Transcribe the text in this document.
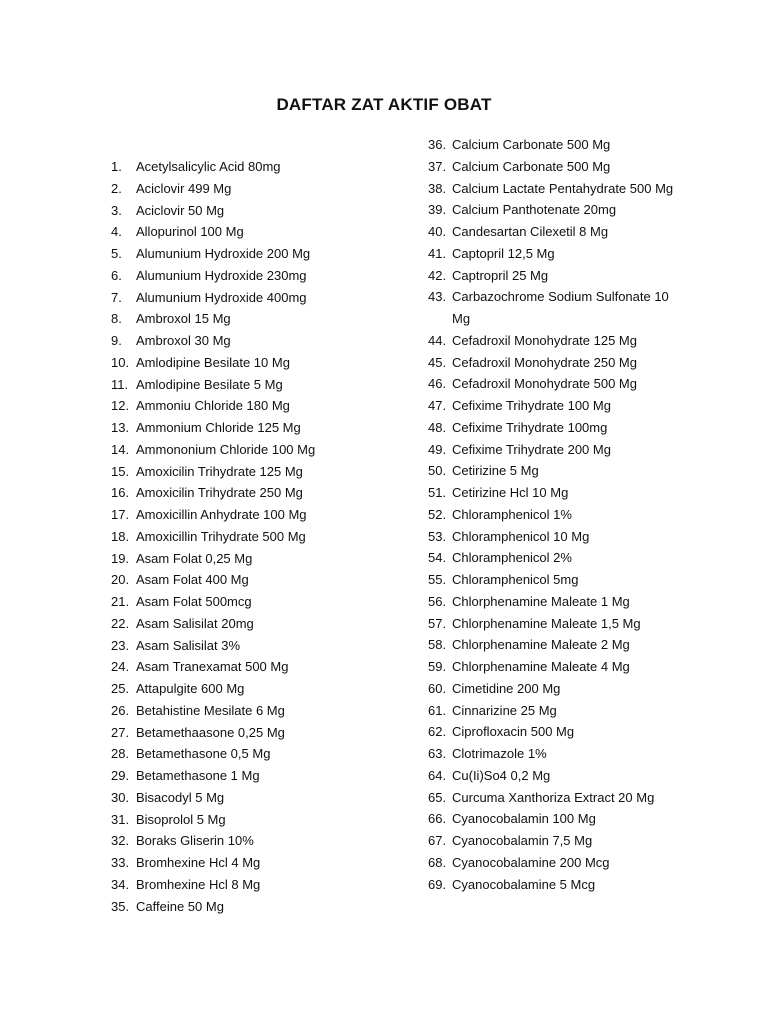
DAFTAR ZAT AKTIF OBAT
1.	Acetylsalicylic Acid 80mg
2.	Aciclovir 499 Mg
3.	Aciclovir 50 Mg
4.	Allopurinol 100 Mg
5.	Alumunium Hydroxide 200 Mg
6.	Alumunium Hydroxide 230mg
7.	Alumunium Hydroxide 400mg
8.	Ambroxol 15 Mg
9.	Ambroxol 30 Mg
10. Amlodipine Besilate 10 Mg
11. Amlodipine Besilate 5 Mg
12. Ammoniu Chloride 180 Mg
13. Ammonium Chloride 125 Mg
14. Ammononium Chloride 100 Mg
15. Amoxicilin Trihydrate 125 Mg
16. Amoxicilin Trihydrate 250 Mg
17. Amoxicillin Anhydrate 100 Mg
18. Amoxicillin Trihydrate 500 Mg
19. Asam Folat 0,25 Mg
20. Asam Folat 400 Mg
21. Asam Folat 500mcg
22. Asam Salisilat 20mg
23. Asam Salisilat 3%
24. Asam Tranexamat 500 Mg
25. Attapulgite 600 Mg
26. Betahistine Mesilate 6 Mg
27. Betamethaasone 0,25 Mg
28. Betamethasone 0,5 Mg
29. Betamethasone 1 Mg
30. Bisacodyl 5 Mg
31. Bisoprolol 5 Mg
32. Boraks Gliserin 10%
33. Bromhexine Hcl 4 Mg
34. Bromhexine Hcl 8 Mg
35. Caffeine 50 Mg
36. Calcium Carbonate 500 Mg
37. Calcium Carbonate 500 Mg
38. Calcium Lactate Pentahydrate 500 Mg
39. Calcium Panthotenate 20mg
40. Candesartan Cilexetil 8 Mg
41. Captopril 12,5 Mg
42. Captropril 25 Mg
43. Carbazochrome Sodium Sulfonate 10 Mg
44. Cefadroxil Monohydrate 125 Mg
45. Cefadroxil Monohydrate 250 Mg
46. Cefadroxil Monohydrate 500 Mg
47. Cefixime Trihydrate 100 Mg
48. Cefixime Trihydrate 100mg
49. Cefixime Trihydrate 200 Mg
50. Cetirizine 5 Mg
51. Cetirizine Hcl 10 Mg
52. Chloramphenicol 1%
53. Chloramphenicol 10 Mg
54. Chloramphenicol 2%
55. Chloramphenicol 5mg
56. Chlorphenamine Maleate 1 Mg
57. Chlorphenamine Maleate 1,5 Mg
58. Chlorphenamine Maleate 2 Mg
59. Chlorphenamine Maleate 4 Mg
60. Cimetidine 200 Mg
61. Cinnarizine 25 Mg
62. Ciprofloxacin 500 Mg
63. Clotrimazole 1%
64. Cu(Ii)So4 0,2 Mg
65. Curcuma Xanthoriza Extract 20 Mg
66. Cyanocobalamin 100 Mg
67. Cyanocobalamin 7,5 Mg
68. Cyanocobalamine 200 Mcg
69. Cyanocobalamine 5 Mcg
